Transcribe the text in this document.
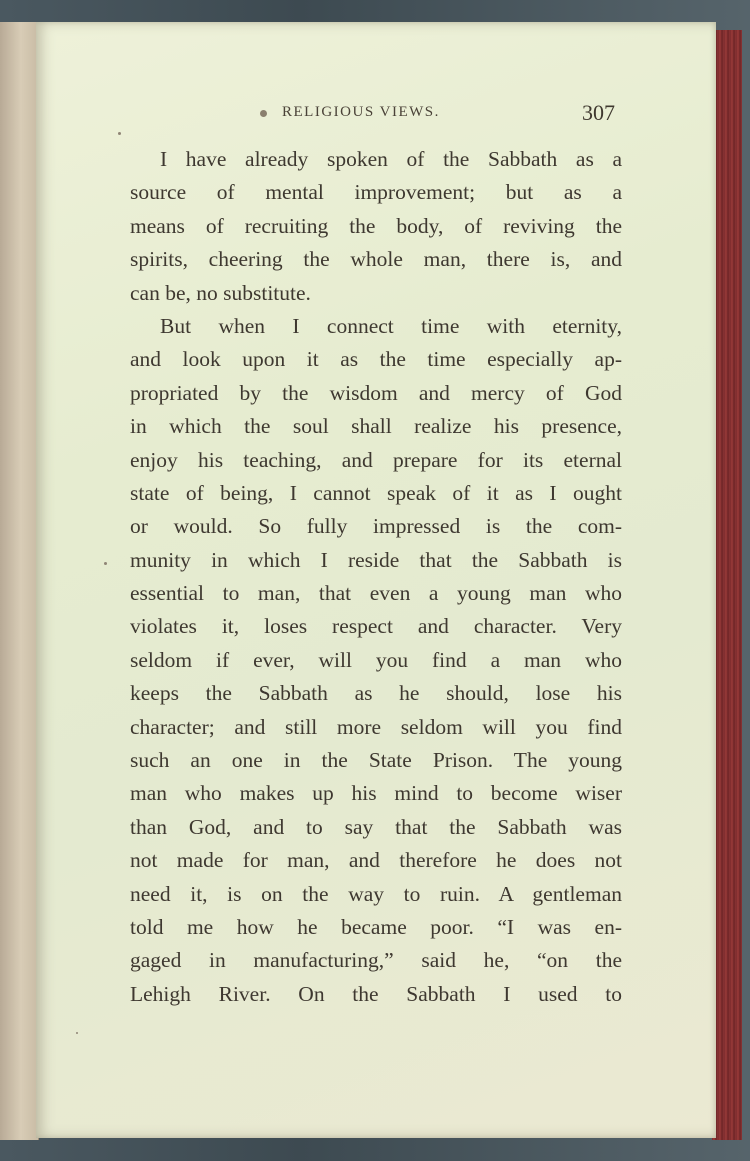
RELIGIOUS VIEWS.	307
I have already spoken of the Sabbath as a
source of mental improvement; but as a
means of recruiting the body, of reviving the
spirits, cheering the whole man, there is, and
can be, no substitute.
But when I connect time with eternity,
and look upon it as the time especially ap-
propriated by the wisdom and mercy of God
in which the soul shall realize his presence,
enjoy his teaching, and prepare for its eternal
state of being, I cannot speak of it as I ought
or would. So fully impressed is the com-
munity in which I reside that the Sabbath is
essential to man, that even a young man who
violates it, loses respect and character. Very
seldom if ever, will you find a man who
keeps the Sabbath as he should, lose his
character; and still more seldom will you find
such an one in the State Prison. The young
man who makes up his mind to become wiser
than God, and to say that the Sabbath was
not made for man, and therefore he does not
need it, is on the way to ruin. A gentleman
told me how he became poor. “I was en-
gaged in manufacturing,” said he, “on the
Lehigh River. On the Sabbath I used to
